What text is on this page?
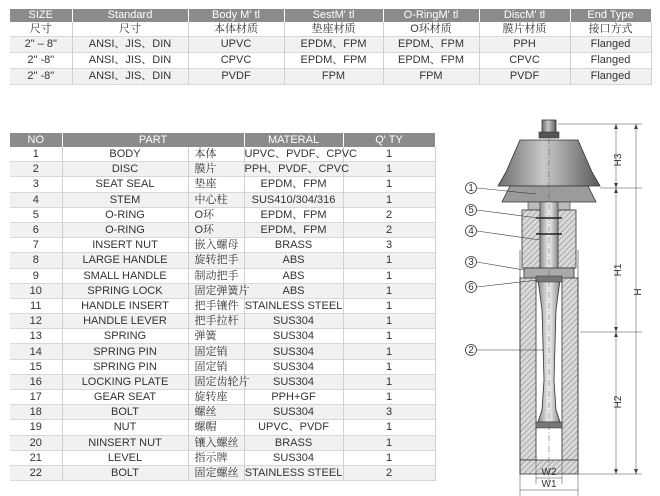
SIZE	Standard	Body M' tl	SestM' tl	O-RingM' tl	DiscM' tl	End Type
尺寸	尺寸	本体材质	垫座材质	O环材质	膜片材质	接口方式
2" – 8"	ANSI、JIS、DIN	UPVC	EPDM、FPM	EPDM、FPM	PPH	Flanged
2" -8"	ANSI、JIS、DIN	CPVC	EPDM、FPM	EPDM、FPM	CPVC	Flanged
2" -8"	ANSI、JIS、DIN	PVDF	FPM	FPM	PVDF	Flanged
NO	PART		MATERAL	Q' TY
1	BODY	本体	UPVC、PVDF、CPVC	1
2	DISC	膜片	PPH、PVDF、CPVC	1
3	SEAT SEAL	垫座	EPDM、FPM	1
4	STEM	中心柱	SUS410/304/316	1
5	O-RING	O环	EPDM、FPM	2
6	O-RING	O环	EPDM、FPM	2
7	INSERT NUT	嵌入螺母	BRASS	3
8	LARGE HANDLE	旋转把手	ABS	1
9	SMALL HANDLE	制动把手	ABS	1
10	SPRING LOCK	固定弹簧片	ABS	1
11	HANDLE INSERT	把手镶件	STAINLESS STEEL	1
12	HANDLE LEVER	把手拉杆	SUS304	1
13	SPRING	弹簧	SUS304	1
14	SPRING PIN	固定销	SUS304	1
15	SPRING PIN	固定销	SUS304	1
16	LOCKING PLATE	固定齿轮片	SUS304	1
17	GEAR SEAT	旋转座	PPH+GF	1
18	BOLT	螺丝	SUS304	3
19	NUT	螺帽	UPVC、PVDF	1
20	NINSERT NUT	镶入螺丝	BRASS	1
21	LEVEL	指示牌	SUS304	1
22	BOLT	固定螺丝	STAINLESS STEEL	2
1
5
4
3
6
2
H3
H1
H2
H
W2
W1
